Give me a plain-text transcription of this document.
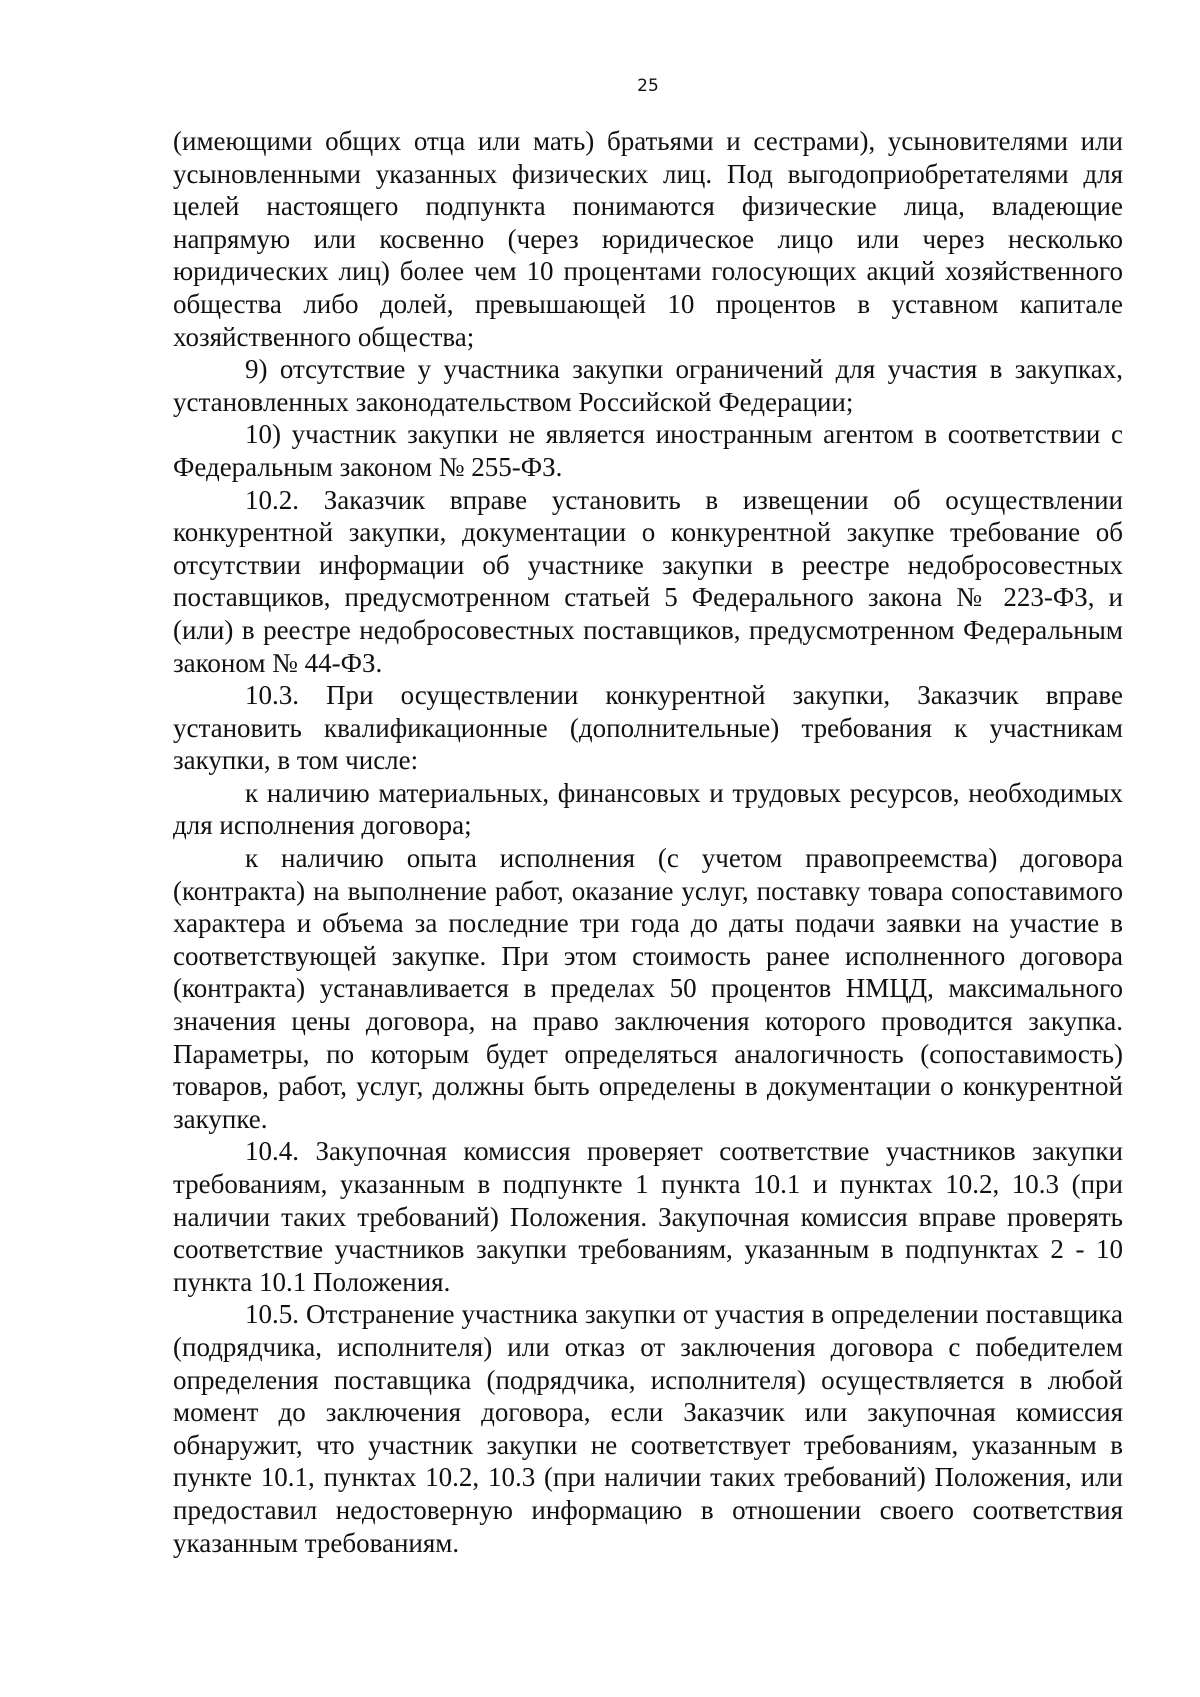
25

(имеющими общих отца или мать) братьями и сестрами), усыновителями или усыновленными указанных физических лиц. Под выгодоприобретателями для целей настоящего подпункта понимаются физические лица, владеющие напрямую или косвенно (через юридическое лицо или через несколько юридических лиц) более чем 10 процентами голосующих акций хозяйственного общества либо долей, превышающей 10 процентов в уставном капитале хозяйственного общества;

9) отсутствие у участника закупки ограничений для участия в закупках, установленных законодательством Российской Федерации;

10) участник закупки не является иностранным агентом в соответствии с Федеральным законом № 255-ФЗ.

10.2. Заказчик вправе установить в извещении об осуществлении конкурентной закупки, документации о конкурентной закупке требование об отсутствии информации об участнике закупки в реестре недобросовестных поставщиков, предусмотренном статьей 5 Федерального закона № 223-ФЗ, и (или) в реестре недобросовестных поставщиков, предусмотренном Федеральным законом № 44-ФЗ.

10.3. При осуществлении конкурентной закупки, Заказчик вправе установить квалификационные (дополнительные) требования к участникам закупки, в том числе:

к наличию материальных, финансовых и трудовых ресурсов, необходимых для исполнения договора;

к наличию опыта исполнения (с учетом правопреемства) договора (контракта) на выполнение работ, оказание услуг, поставку товара сопоставимого характера и объема за последние три года до даты подачи заявки на участие в соответствующей закупке. При этом стоимость ранее исполненного договора (контракта) устанавливается в пределах 50 процентов НМЦД, максимального значения цены договора, на право заключения которого проводится закупка. Параметры, по которым будет определяться аналогичность (сопоставимость) товаров, работ, услуг, должны быть определены в документации о конкурентной закупке.

10.4. Закупочная комиссия проверяет соответствие участников закупки требованиям, указанным в подпункте 1 пункта 10.1 и пунктах 10.2, 10.3 (при наличии таких требований) Положения. Закупочная комиссия вправе проверять соответствие участников закупки требованиям, указанным в подпунктах 2 - 10 пункта 10.1 Положения.

10.5. Отстранение участника закупки от участия в определении поставщика (подрядчика, исполнителя) или отказ от заключения договора с победителем определения поставщика (подрядчика, исполнителя) осуществляется в любой момент до заключения договора, если Заказчик или закупочная комиссия обнаружит, что участник закупки не соответствует требованиям, указанным в пункте 10.1, пунктах 10.2, 10.3 (при наличии таких требований) Положения, или предоставил недостоверную информацию в отношении своего соответствия указанным требованиям.
